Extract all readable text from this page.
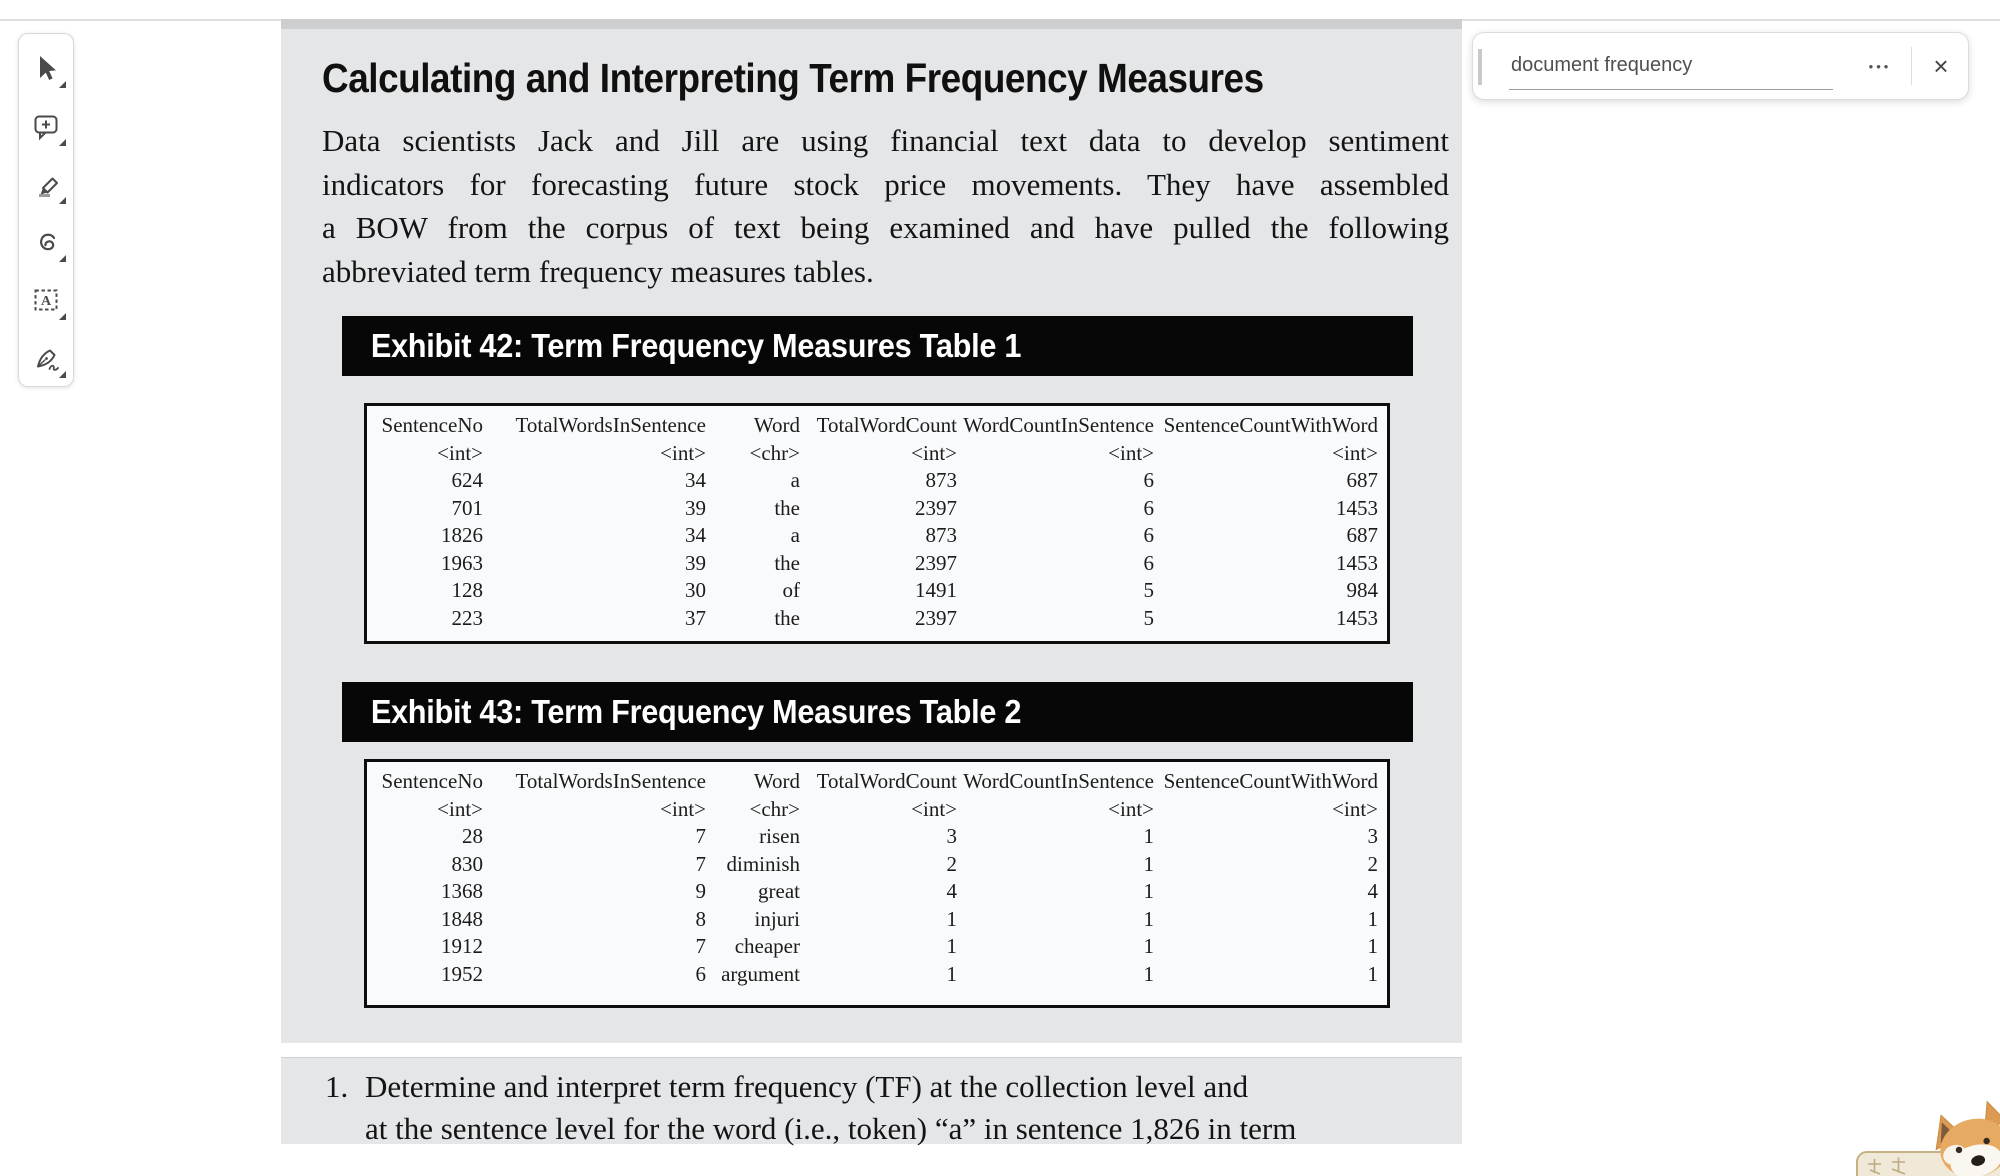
Calculating and Interpreting Term Frequency Measures
Data scientists Jack and Jill are using financial text data to develop sentiment
indicators for forecasting future stock price movements. They have assembled
a BOW from the corpus of text being examined and have pulled the following
abbreviated term frequency measures tables.
Exhibit 42: Term Frequency Measures Table 1
SentenceNo	TotalWordsInSentence	Word TotalWordCount WordCountInSentence SentenceCountWithWord
<int>	<int>	<chr>	<int>	<int>	<int>
624	34	a	873	6	687
701	39	the	2397	6	1453
1826	34	a	873	6	687
1963	39	the	2397	6	1453
128	30	of	1491	5	984
223	37	the	2397	5	1453
Exhibit 43: Term Frequency Measures Table 2
SentenceNo	TotalWordsInSentence	Word TotalWordCount WordCountInSentence SentenceCountWithWord
<int>	<int>	<chr>	<int>	<int>	<int>
28	7	risen	3	1	3
830	7 diminish	2	1	2
1368	9	great	4	1	4
1848	8	injuri	1	1	1
1912	7	cheaper	1	1	1
1952	6 argument	1	1	1
1. Determine and interpret term frequency (TF) at the collection level and
at the sentence level for the word (i.e., token) “a” in sentence 1,826 in term
A
document frequency
••• ×
